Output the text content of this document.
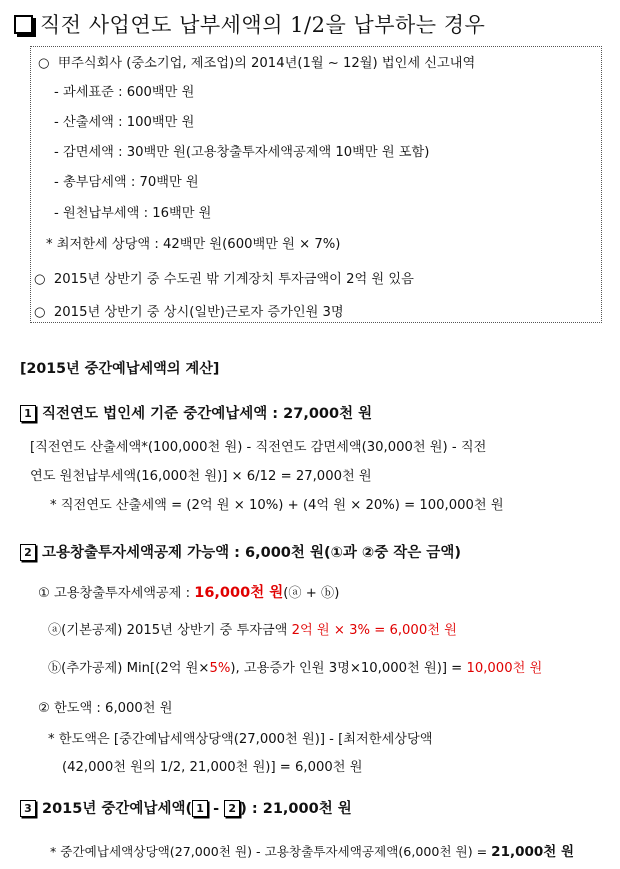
직전 사업연도 납부세액의 1/2을 납부하는 경우
○ 甲주식회사 (중소기업, 제조업)의 2014년(1월 ~ 12월) 법인세 신고내역
- 과세표준 : 600백만 원
- 산출세액 : 100백만 원
- 감면세액 : 30백만 원(고용창출투자세액공제액 10백만 원 포함)
- 총부담세액 : 70백만 원
- 원천납부세액 : 16백만 원
* 최저한세 상당액 : 42백만 원(600백만 원 × 7%)
○ 2015년 상반기 중 수도권 밖 기계장치 투자금액이 2억 원 있음
○ 2015년 상반기 중 상시(일반)근로자 증가인원 3명
[2015년 중간예납세액의 계산]
1 직전연도 법인세 기준 중간예납세액 : 27,000천 원
[직전연도 산출세액*(100,000천 원) - 직전연도 감면세액(30,000천 원) - 직전
연도 원천납부세액(16,000천 원)] × 6/12 = 27,000천 원
* 직전연도 산출세액 = (2억 원 × 10%) + (4억 원 × 20%) = 100,000천 원
2 고용창출투자세액공제 가능액 : 6,000천 원(①과 ②중 작은 금액)
① 고용창출투자세액공제 : 16,000천 원(ⓐ + ⓑ)
ⓐ(기본공제) 2015년 상반기 중 투자금액 2억 원 × 3% = 6,000천 원
ⓑ(추가공제) Min[(2억 원×5%), 고용증가 인원 3명×10,000천 원)] = 10,000천 원
② 한도액 : 6,000천 원
* 한도액은 [중간예납세액상당액(27,000천 원)] - [최저한세상당액
(42,000천 원의 1/2, 21,000천 원)] = 6,000천 원
3 2015년 중간예납세액( 1 - 2 ) : 21,000천 원
* 중간예납세액상당액(27,000천 원) - 고용창출투자세액공제액(6,000천 원) = 21,000천 원
